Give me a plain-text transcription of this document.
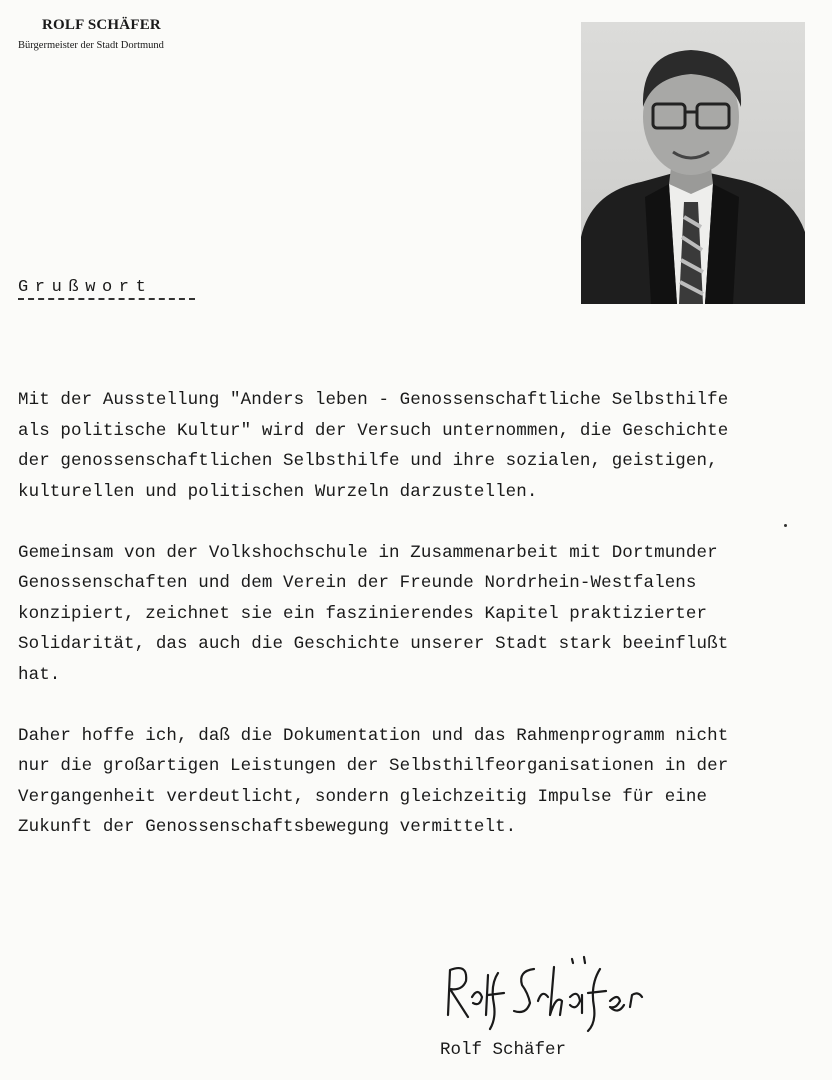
ROLF SCHÄFER
Bürgermeister der Stadt Dortmund
Grußwort
Mit der Ausstellung "Anders leben - Genossenschaftliche Selbsthilfe
als politische Kultur" wird der Versuch unternommen, die Geschichte
der genossenschaftlichen Selbsthilfe und ihre sozialen, geistigen,
kulturellen und politischen Wurzeln darzustellen.
Gemeinsam von der Volkshochschule in Zusammenarbeit mit Dortmunder
Genossenschaften und dem Verein der Freunde Nordrhein-Westfalens
konzipiert, zeichnet sie ein faszinierendes Kapitel praktizierter
Solidarität, das auch die Geschichte unserer Stadt stark beeinflußt
hat.
Daher hoffe ich, daß die Dokumentation und das Rahmenprogramm nicht
nur die großartigen Leistungen der Selbsthilfeorganisationen in der
Vergangenheit verdeutlicht, sondern gleichzeitig Impulse für eine
Zukunft der Genossenschaftsbewegung vermittelt.
Rolf Schäfer
